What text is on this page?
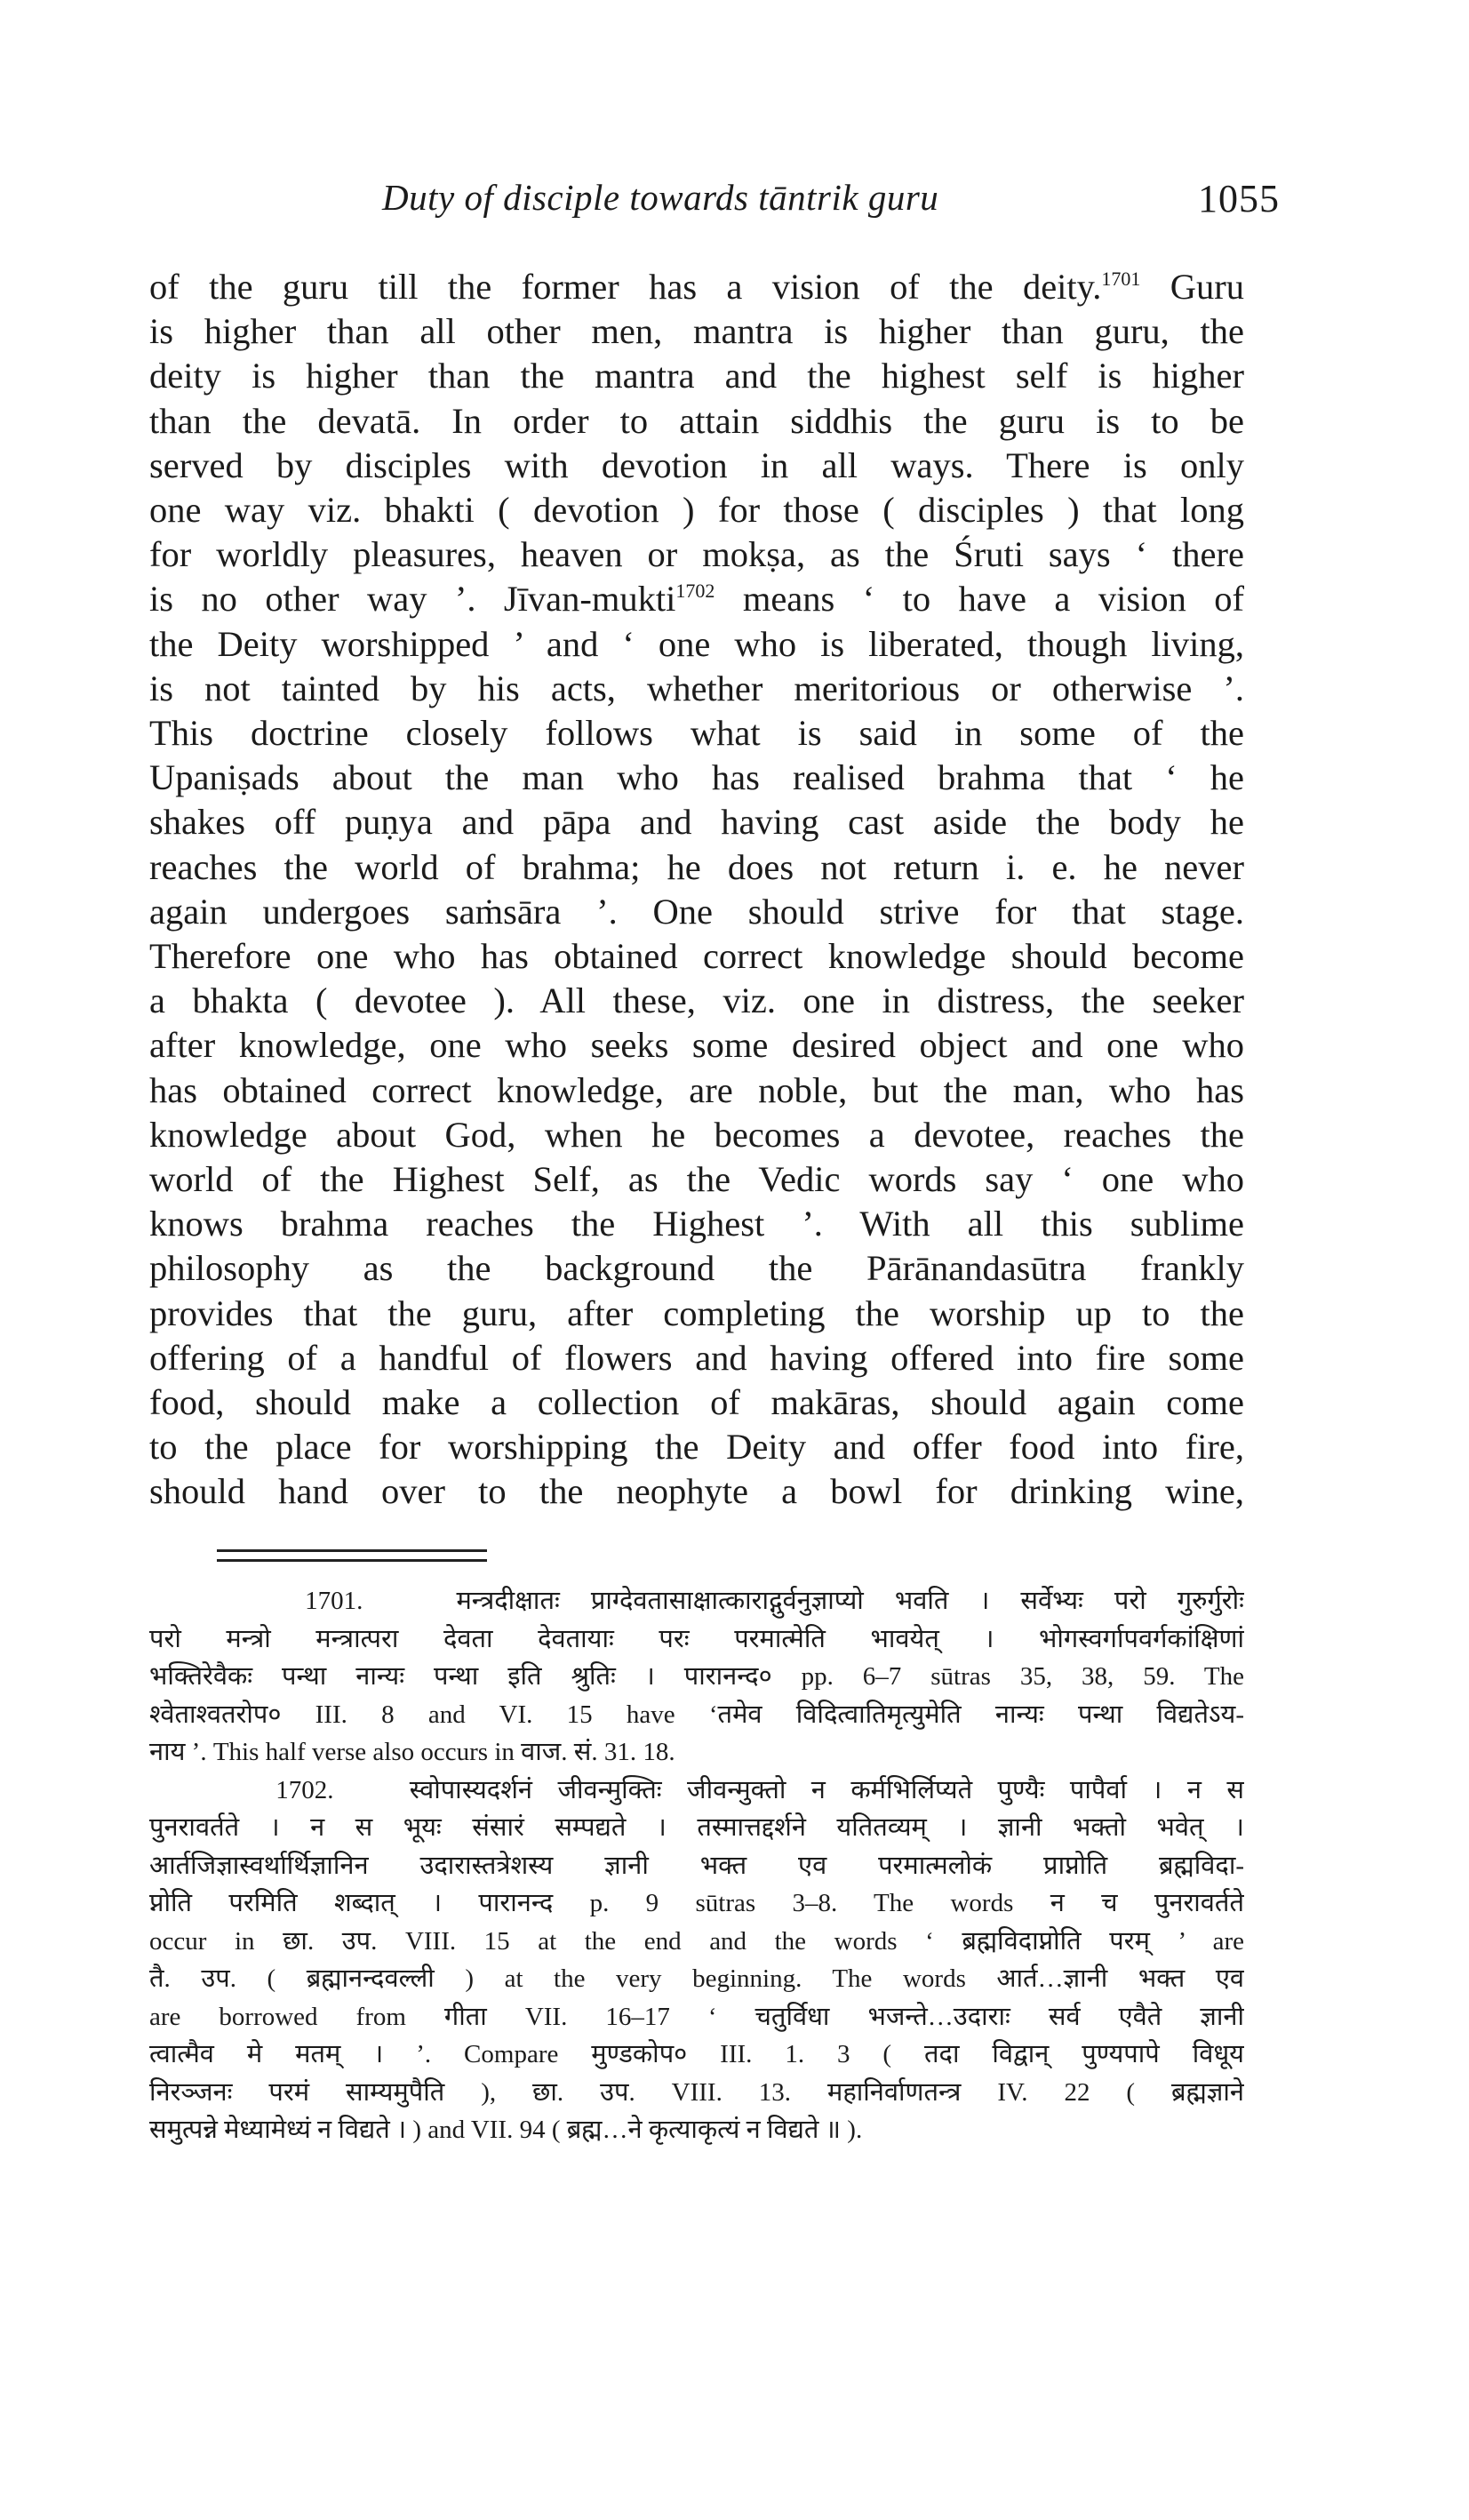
Duty of disciple towards tāntrik guru	1055
of the guru till the former has a vision of the deity.$^{1701}$ Guru
is higher than all other men, mantra is higher than guru, the
deity is higher than the mantra and the highest self is higher
than the devatā. In order to attain siddhis the guru is to be
served by disciples with devotion in all ways. There is only
one way viz. bhakti ( devotion ) for those ( disciples ) that long
for worldly pleasures, heaven or mokṣa, as the Śruti says ‘ there
is no other way ’. Jīvan-mukti$^{1702}$ means ‘ to have a vision of
the Deity worshipped ’ and ‘ one who is liberated, though living,
is not tainted by his acts, whether meritorious or otherwise ’.
This doctrine closely follows what is said in some of the
Upaniṣads about the man who has realised brahma that ‘ he
shakes off puṇya and pāpa and having cast aside the body he
reaches the world of brahma; he does not return i. e. he never
again undergoes saṁsāra ’. One should strive for that stage.
Therefore one who has obtained correct knowledge should become
a bhakta ( devotee ). All these, viz. one in distress, the seeker
after knowledge, one who seeks some desired object and one who
has obtained correct knowledge, are noble, but the man, who has
knowledge about God, when he becomes a devotee, reaches the
world of the Highest Self, as the Vedic words say ‘ one who
knows brahma reaches the Highest ’. With all this sublime
philosophy as the background the Pārānandasūtra frankly
provides that the guru, after completing the worship up to the
offering of a handful of flowers and having offered into fire some
food, should make a collection of makāras, should again come
to the place for worshipping the Deity and offer food into fire,
should hand over to the neophyte a bowl for drinking wine,
1701.	मन्त्रदीक्षातः प्राग्देवतासाक्षात्काराद्गुर्वनुज्ञाप्यो भवति । सर्वेभ्यः परो गुरुर्गुरोः
परो मन्त्रो मन्त्रात्परा देवता देवतायाः परः परमात्मेति भावयेत् । भोगस्वर्गापवर्गकांक्षिणां
भक्तिरेवैकः पन्था नान्यः पन्था इति श्रुतिः । पारानन्द० pp. 6–7 sūtras 35, 38, 59. The
श्वेताश्वतरोप० III. 8 and VI. 15 have ‘तमेव विदित्वातिमृत्युमेति नान्यः पन्था विद्यतेऽय-
नाय ’. This half verse also occurs in वाज. सं. 31. 18.
1702.	स्वोपास्यदर्शनं जीवन्मुक्तिः जीवन्मुक्तो न कर्मभिर्लिप्यते पुण्यैः पापैर्वा । न स
पुनरावर्तते । न स भूयः संसारं सम्पद्यते । तस्मात्तद्दर्शने यतितव्यम् । ज्ञानी भक्तो भवेत् ।
आर्तजिज्ञास्वर्थार्थिज्ञानिन उदारास्तत्रेशस्य ज्ञानी भक्त एव परमात्मलोकं प्राप्नोति ब्रह्मविदा-
प्नोति परमिति शब्दात् । पारानन्द p. 9 sūtras 3–8. The words न च पुनरावर्तते
occur in छा. उप. VIII. 15 at the end and the words ‘ ब्रह्मविदाप्नोति परम् ’ are
तै. उप. ( ब्रह्मानन्दवल्ली ) at the very beginning. The words आर्त…ज्ञानी भक्त एव
are borrowed from गीता VII. 16–17 ‘ चतुर्विधा भजन्ते…उदाराः सर्व एवैते ज्ञानी
त्वात्मैव मे मतम् । ’. Compare मुण्डकोप० III. 1. 3 ( तदा विद्वान् पुण्यपापे विधूय
निरञ्जनः परमं साम्यमुपैति ), छा. उप. VIII. 13. महानिर्वाणतन्त्र IV. 22 ( ब्रह्मज्ञाने
समुत्पन्ने मेध्यामेध्यं न विद्यते । ) and VII. 94 ( ब्रह्म…ने कृत्याकृत्यं न विद्यते ॥ ).
